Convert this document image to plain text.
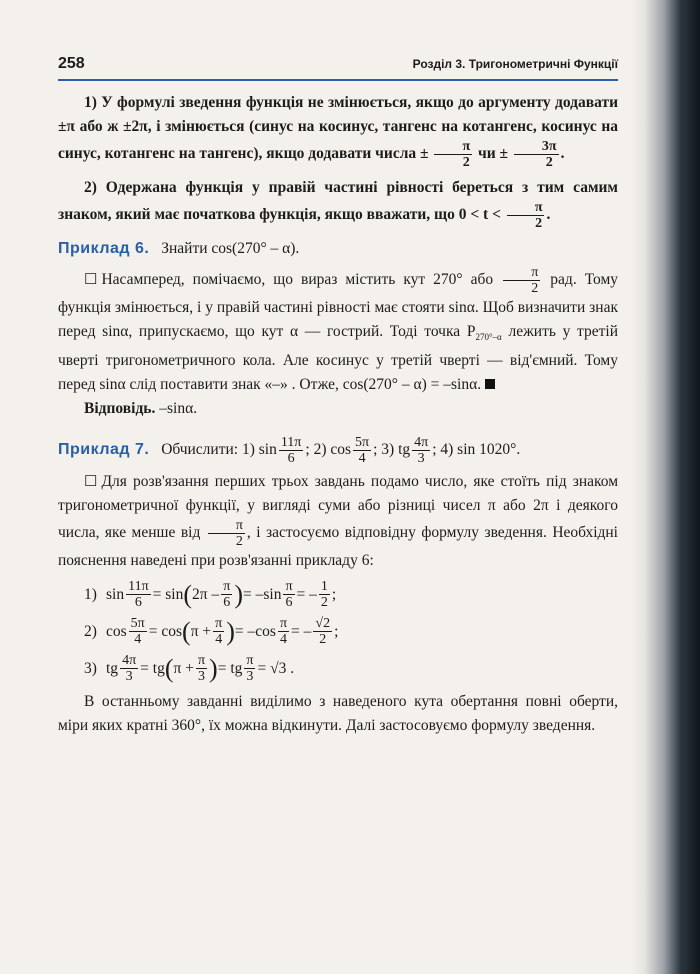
258	Розділ 3. Тригонометричні Функції

1) У формулі зведення функція не змінюється, якщо до аргументу додавати ±π або ж ±2π, і змінюється (синус на косинус, тангенс на котангенс, косинус на синус, котангенс на тангенс), якщо додавати числа ± $\frac{\pi}{2}$ чи ± $\frac{3\pi}{2}$ .

2) Одержана функція у правій частині рівності береться з тим самим знаком, який має початкова функція, якщо вважати, що $0 < t < \frac{\pi}{2}$ .

Приклад 6. Знайти cos(270° – α).

☐ Насамперед, помічаємо, що вираз містить кут 270° або $\frac{\pi}{2}$ рад. Тому функція змінюється, і у правій частині рівності має стояти sinα. Щоб визначити знак перед sinα, припускаємо, що кут α — гострий. Тоді точка $P_{270^\circ-\alpha}$ лежить у третій чверті тригонометричного кола. Але косинус у третій чверті — від'ємний. Тому перед sinα слід поставити знак «–» . Отже, cos(270° – α) = –sinα.

Відповідь. –sinα.

Приклад 7. Обчислити: 1) $\sin \frac{11\pi}{6}$ ; 2) $\cos \frac{5\pi}{4}$ ; 3) tg $\frac{4\pi}{3}$ ; 4) sin 1020°.

☐ Для розв'язання перших трьох завдань подамо число, яке стоїть під знаком тригонометричної функції, у вигляді суми або різниці чисел π або 2π і деякого числа, яке менше від $\frac{\pi}{2}$ , і застосуємо відповідну формулу зведення. Необхідні пояснення наведені при розв'язанні прикладу 6:

1) $\sin \frac{11\pi}{6} = \sin$ ( $2\pi - \frac{\pi}{6}$ ) = $-\sin \frac{\pi}{6}$ = – $\frac{1}{2}$ ;
2) $\cos \frac{5\pi}{4} = \cos$ ( $\pi + \frac{\pi}{4}$ ) = $-\cos \frac{\pi}{4}$ = – $\frac{√2}{2}$ ;
3) tg $\frac{4\pi}{3}$ = tg ( $\pi + \frac{\pi}{3}$ ) = tg $\frac{\pi}{3} = √3$ .

В останньому завданні виділимо з наведеного кута обертання повні оберти, міри яких кратні 360°, їх можна відкинути. Далі застосовуємо формулу зведення.
